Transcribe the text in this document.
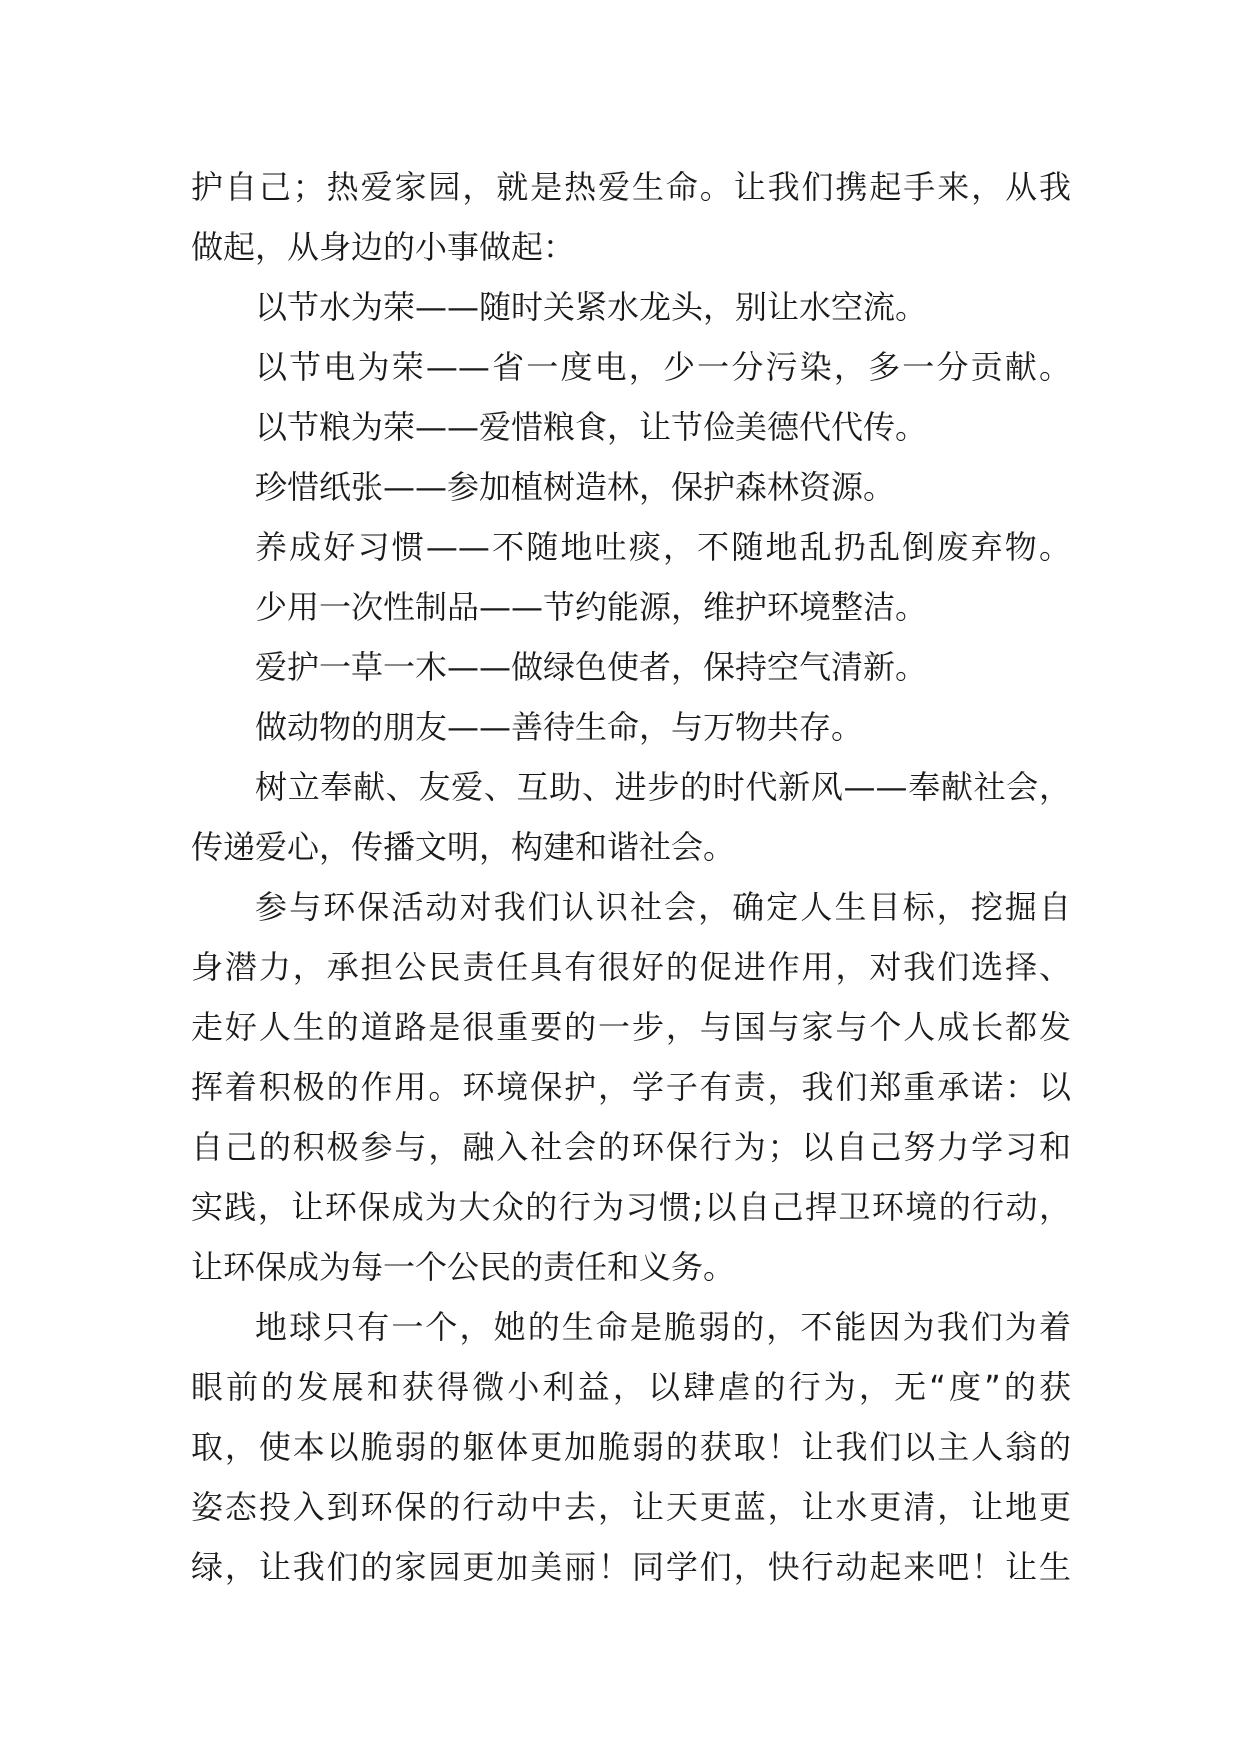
护自己；热爱家园，就是热爱生命。让我们携起手来，从我
做起，从身边的小事做起：
以节水为荣——随时关紧水龙头，别让水空流。
以节电为荣——省一度电，少一分污染，多一分贡献。
以节粮为荣——爱惜粮食，让节俭美德代代传。
珍惜纸张——参加植树造林，保护森林资源。
养成好习惯——不随地吐痰，不随地乱扔乱倒废弃物。
少用一次性制品——节约能源，维护环境整洁。
爱护一草一木——做绿色使者，保持空气清新。
做动物的朋友——善待生命，与万物共存。
树立奉献、友爱、互助、进步的时代新风——奉献社会，
传递爱心，传播文明，构建和谐社会。
参与环保活动对我们认识社会，确定人生目标，挖掘自
身潜力，承担公民责任具有很好的促进作用，对我们选择、
走好人生的道路是很重要的一步，与国与家与个人成长都发
挥着积极的作用。环境保护，学子有责，我们郑重承诺：以
自己的积极参与，融入社会的环保行为；以自己努力学习和
实践，让环保成为大众的行为习惯;以自己捍卫环境的行动，
让环保成为每一个公民的责任和义务。
地球只有一个，她的生命是脆弱的，不能因为我们为着
眼前的发展和获得微小利益，以肆虐的行为，无“度”的获
取，使本以脆弱的躯体更加脆弱的获取！让我们以主人翁的
姿态投入到环保的行动中去，让天更蓝，让水更清，让地更
绿，让我们的家园更加美丽！同学们，快行动起来吧！让生
